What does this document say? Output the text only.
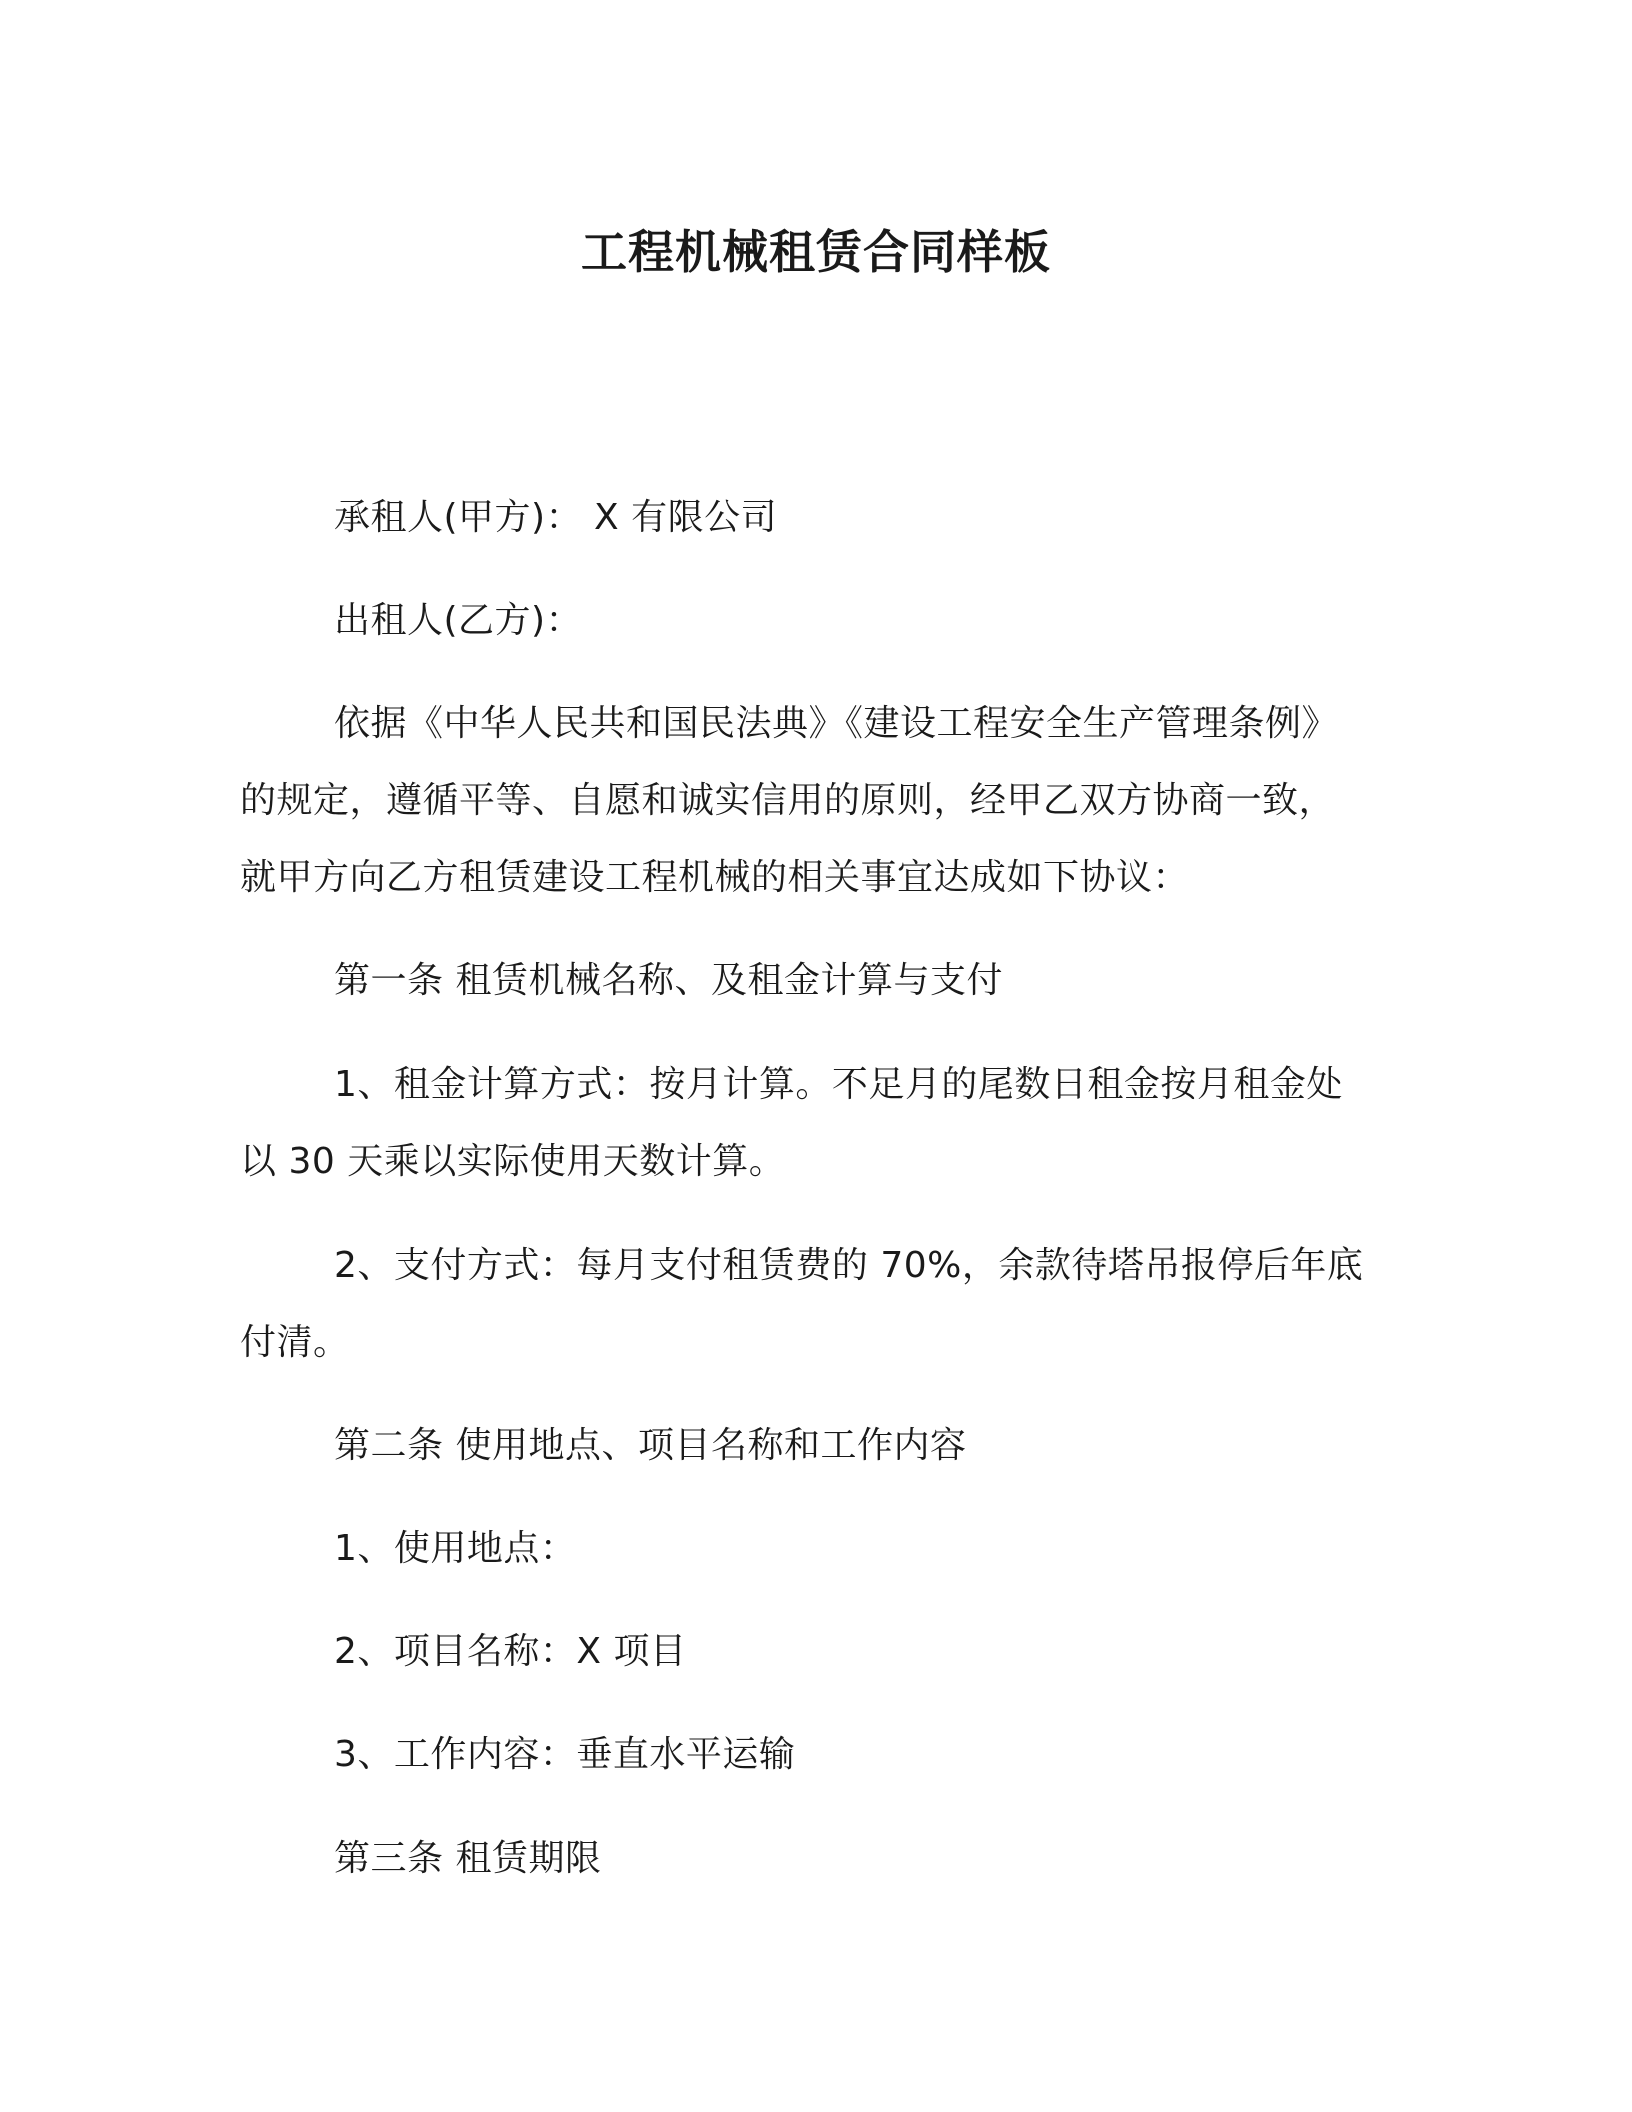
工程机械租赁合同样板
承租人(甲方)： X 有限公司
出租人(乙方)：
依据《中华人民共和国民法典》《建设工程安全生产管理条例》
的规定，遵循平等、自愿和诚实信用的原则，经甲乙双方协商一致，
就甲方向乙方租赁建设工程机械的相关事宜达成如下协议：
第一条 租赁机械名称、及租金计算与支付
1、租金计算方式：按月计算。不足月的尾数日租金按月租金处
以 30 天乘以实际使用天数计算。
2、支付方式：每月支付租赁费的 70%，余款待塔吊报停后年底
付清。
第二条 使用地点、项目名称和工作内容
1、使用地点：
2、项目名称：X 项目
3、工作内容：垂直水平运输
第三条 租赁期限
